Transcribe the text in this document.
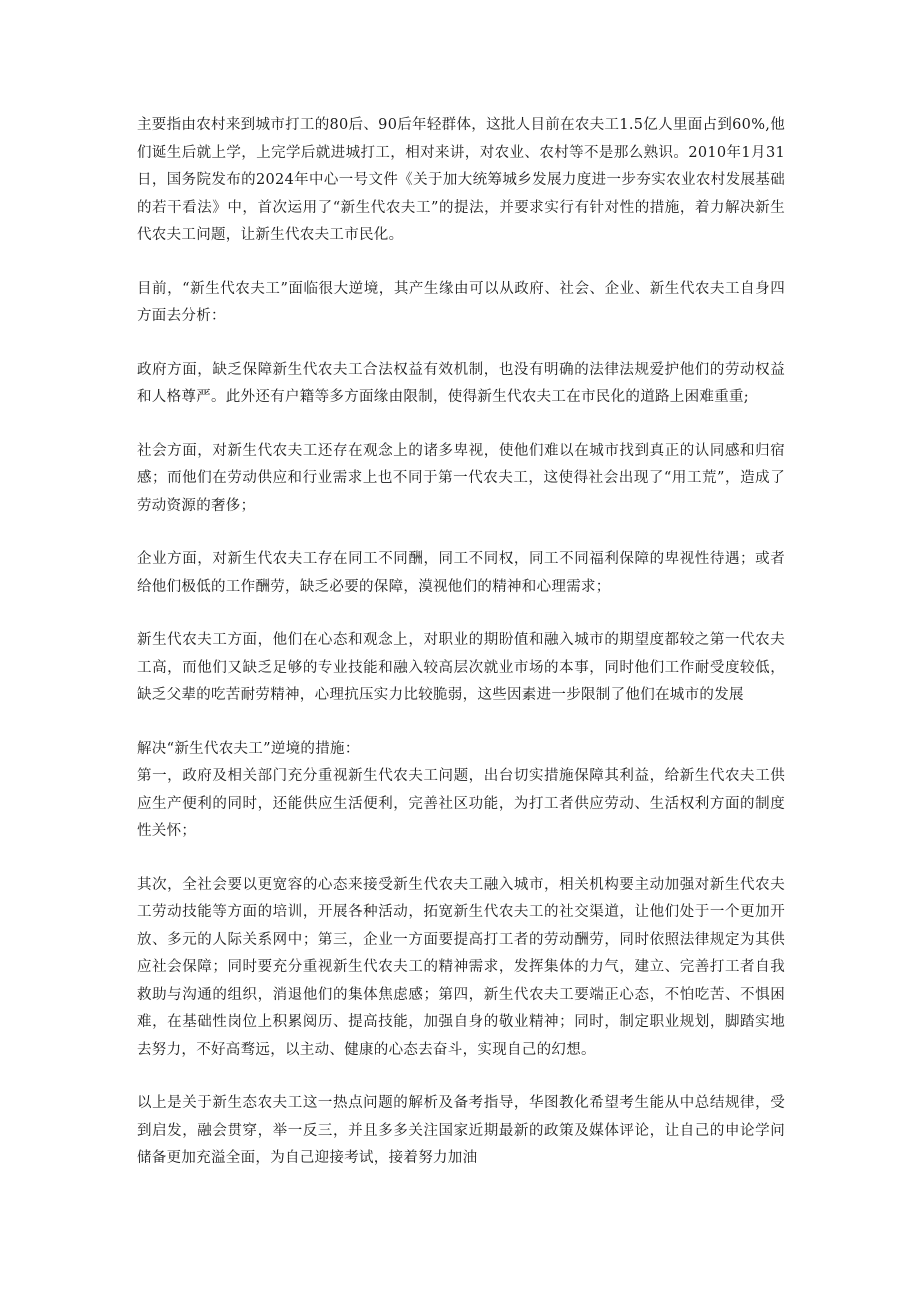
主要指由农村来到城市打工的80后、90后年轻群体，这批人目前在农夫工1.5亿人里面占到60%,他们诞生后就上学，上完学后就进城打工，相对来讲，对农业、农村等不是那么熟识。2010年1月31日，国务院发布的2024年中心一号文件《关于加大统筹城乡发展力度进一步夯实农业农村发展基础的若干看法》中，首次运用了“新生代农夫工”的提法，并要求实行有针对性的措施，着力解决新生代农夫工问题，让新生代农夫工市民化。

目前，“新生代农夫工”面临很大逆境，其产生缘由可以从政府、社会、企业、新生代农夫工自身四方面去分析：

政府方面，缺乏保障新生代农夫工合法权益有效机制，也没有明确的法律法规爱护他们的劳动权益和人格尊严。此外还有户籍等多方面缘由限制，使得新生代农夫工在市民化的道路上困难重重;

社会方面，对新生代农夫工还存在观念上的诸多卑视，使他们难以在城市找到真正的认同感和归宿感；而他们在劳动供应和行业需求上也不同于第一代农夫工，这使得社会出现了“用工荒”，造成了劳动资源的奢侈；

企业方面，对新生代农夫工存在同工不同酬，同工不同权，同工不同福利保障的卑视性待遇；或者给他们极低的工作酬劳，缺乏必要的保障，漠视他们的精神和心理需求；

新生代农夫工方面，他们在心态和观念上，对职业的期盼值和融入城市的期望度都较之第一代农夫工高，而他们又缺乏足够的专业技能和融入较高层次就业市场的本事，同时他们工作耐受度较低，缺乏父辈的吃苦耐劳精神，心理抗压实力比较脆弱，这些因素进一步限制了他们在城市的发展

解决“新生代农夫工”逆境的措施：

第一，政府及相关部门充分重视新生代农夫工问题，出台切实措施保障其利益，给新生代农夫工供应生产便利的同时，还能供应生活便利，完善社区功能，为打工者供应劳动、生活权利方面的制度性关怀；

其次，全社会要以更宽容的心态来接受新生代农夫工融入城市，相关机构要主动加强对新生代农夫工劳动技能等方面的培训，开展各种活动，拓宽新生代农夫工的社交渠道，让他们处于一个更加开放、多元的人际关系网中；第三，企业一方面要提高打工者的劳动酬劳，同时依照法律规定为其供应社会保障；同时要充分重视新生代农夫工的精神需求，发挥集体的力气，建立、完善打工者自我救助与沟通的组织，消退他们的集体焦虑感；第四，新生代农夫工要端正心态，不怕吃苦、不惧困难，在基础性岗位上积累阅历、提高技能，加强自身的敬业精神；同时，制定职业规划，脚踏实地去努力，不好高骛远，以主动、健康的心态去奋斗，实现自己的幻想。

以上是关于新生态农夫工这一热点问题的解析及备考指导，华图教化希望考生能从中总结规律，受到启发，融会贯穿，举一反三，并且多多关注国家近期最新的政策及媒体评论，让自己的申论学问储备更加充溢全面，为自己迎接考试，接着努力加油
